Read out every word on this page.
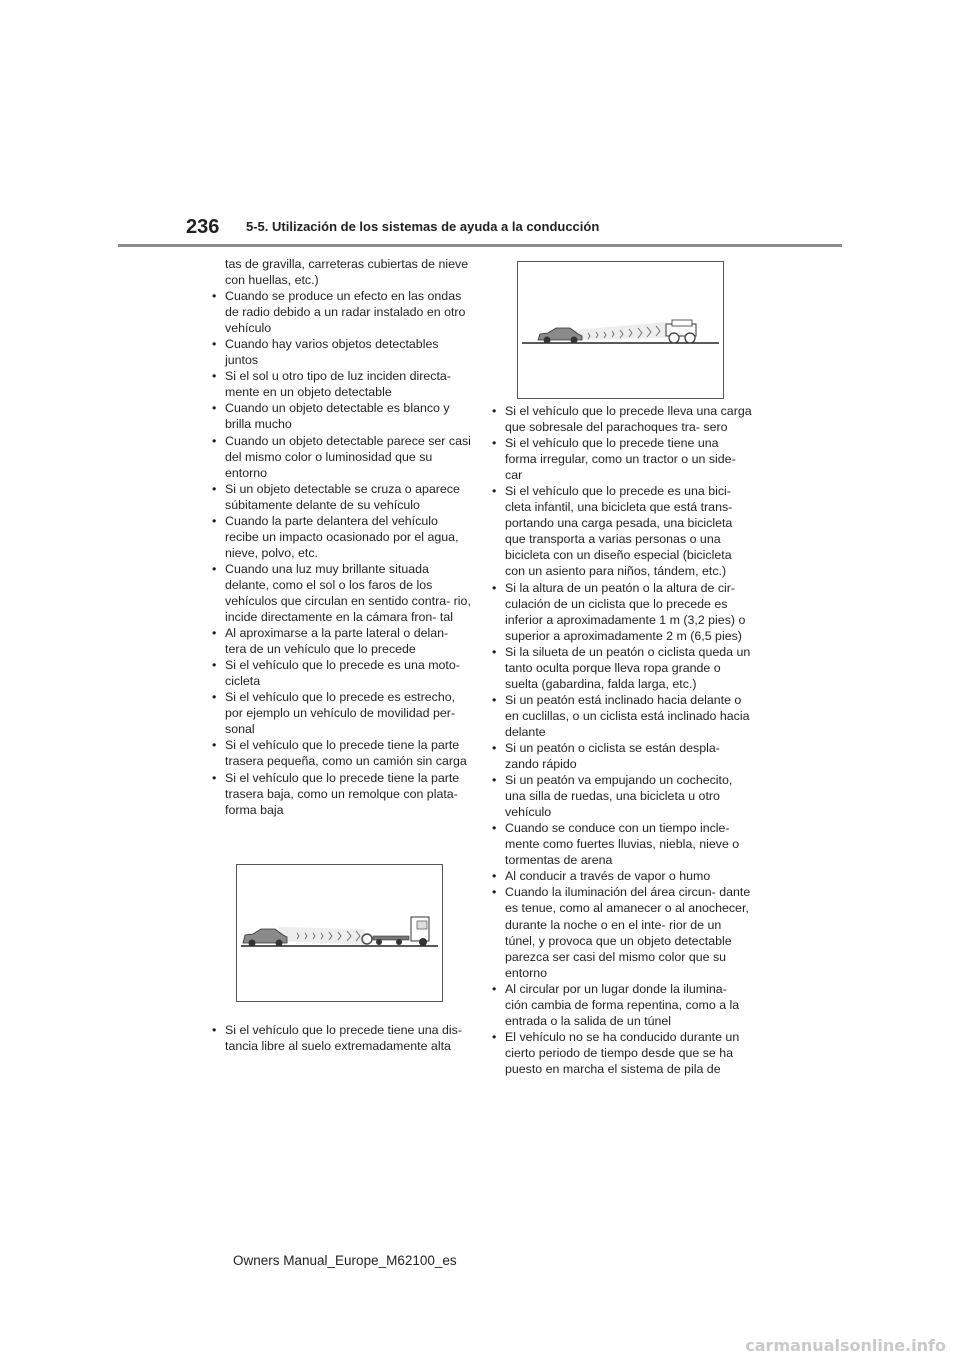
236 5-5. Utilización de los sistemas de ayuda a la conducción
tas de gravilla, carreteras cubiertas de nieve con huellas, etc.)
• Cuando se produce un efecto en las ondas de radio debido a un radar instalado en otro vehículo
• Cuando hay varios objetos detectables juntos
• Si el sol u otro tipo de luz inciden directa- mente en un objeto detectable
• Cuando un objeto detectable es blanco y brilla mucho
• Cuando un objeto detectable parece ser casi del mismo color o luminosidad que su entorno
• Si un objeto detectable se cruza o aparece súbitamente delante de su vehículo
• Cuando la parte delantera del vehículo recibe un impacto ocasionado por el agua, nieve, polvo, etc.
• Cuando una luz muy brillante situada delante, como el sol o los faros de los vehículos que circulan en sentido contra- rio, incide directamente en la cámara fron- tal
• Al aproximarse a la parte lateral o delan- tera de un vehículo que lo precede
• Si el vehículo que lo precede es una moto- cicleta
• Si el vehículo que lo precede es estrecho, por ejemplo un vehículo de movilidad per- sonal
• Si el vehículo que lo precede tiene la parte trasera pequeña, como un camión sin carga
• Si el vehículo que lo precede tiene la parte trasera baja, como un remolque con plata- forma baja
• Si el vehículo que lo precede tiene una dis- tancia libre al suelo extremadamente alta
• Si el vehículo que lo precede lleva una carga que sobresale del parachoques tra- sero
• Si el vehículo que lo precede tiene una forma irregular, como un tractor o un side- car
• Si el vehículo que lo precede es una bici- cleta infantil, una bicicleta que está trans- portando una carga pesada, una bicicleta que transporta a varias personas o una bicicleta con un diseño especial (bicicleta con un asiento para niños, tándem, etc.)
• Si la altura de un peatón o la altura de cir- culación de un ciclista que lo precede es inferior a aproximadamente 1 m (3,2 pies) o superior a aproximadamente 2 m (6,5 pies)
• Si la silueta de un peatón o ciclista queda un tanto oculta porque lleva ropa grande o suelta (gabardina, falda larga, etc.)
• Si un peatón está inclinado hacia delante o en cuclillas, o un ciclista está inclinado hacia delante
• Si un peatón o ciclista se están despla- zando rápido
• Si un peatón va empujando un cochecito, una silla de ruedas, una bicicleta u otro vehículo
• Cuando se conduce con un tiempo incle- mente como fuertes lluvias, niebla, nieve o tormentas de arena
• Al conducir a través de vapor o humo
• Cuando la iluminación del área circun- dante es tenue, como al amanecer o al anochecer, durante la noche o en el inte- rior de un túnel, y provoca que un objeto detectable parezca ser casi del mismo color que su entorno
• Al circular por un lugar donde la ilumina- ción cambia de forma repentina, como a la entrada o la salida de un túnel
• El vehículo no se ha conducido durante un cierto periodo de tiempo desde que se ha puesto en marcha el sistema de pila de
Owners Manual_Europe_M62100_es
carmanualsonline.info
